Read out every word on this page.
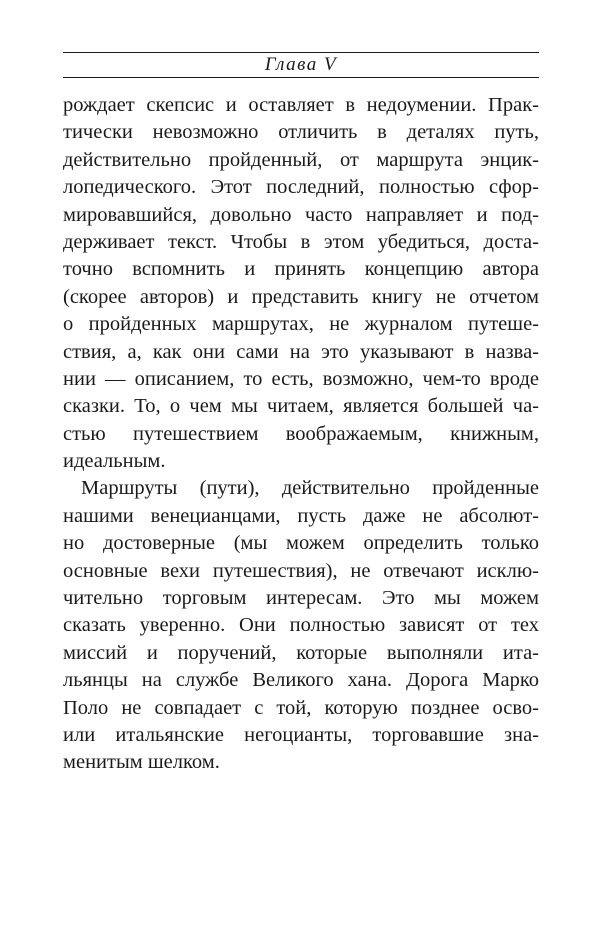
Глава V
рождает скепсис и оставляет в недоумении. Прак-
тически невозможно отличить в деталях путь,
действительно пройденный, от маршрута энцик-
лопедического. Этот последний, полностью сфор-
мировавшийся, довольно часто направляет и под-
держивает текст. Чтобы в этом убедиться, доста-
точно вспомнить и принять концепцию автора
(скорее авторов) и представить книгу не отчетом
о пройденных маршрутах, не журналом путеше-
ствия, а, как они сами на это указывают в назва-
нии — описанием, то есть, возможно, чем-то вроде
сказки. То, о чем мы читаем, является большей ча-
стью путешествием воображаемым, книжным,
идеальным.
Маршруты (пути), действительно пройденные
нашими венецианцами, пусть даже не абсолют-
но достоверные (мы можем определить только
основные вехи путешествия), не отвечают исклю-
чительно торговым интересам. Это мы можем
сказать уверенно. Они полностью зависят от тех
миссий и поручений, которые выполняли ита-
льянцы на службе Великого хана. Дорога Марко
Поло не совпадает с той, которую позднее осво-
или итальянские негоцианты, торговавшие зна-
менитым шелком.
